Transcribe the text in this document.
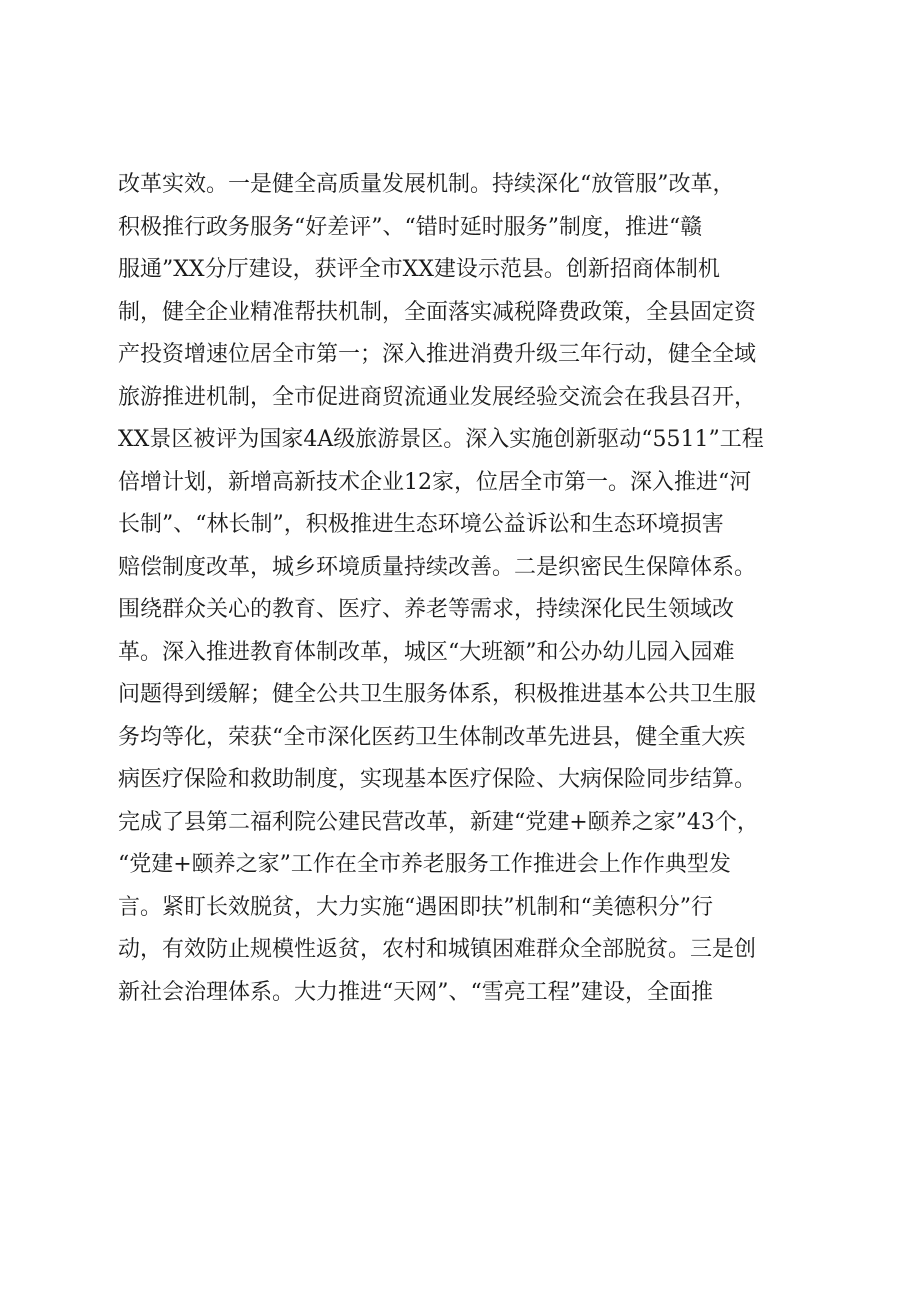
改革实效。一是健全高质量发展机制。持续深化“放管服”改革，
积极推行政务服务“好差评”、“错时延时服务”制度，推进“赣
服通”XX分厅建设，获评全市XX建设示范县。创新招商体制机
制，健全企业精准帮扶机制，全面落实减税降费政策，全县固定资
产投资增速位居全市第一；深入推进消费升级三年行动，健全全域
旅游推进机制，全市促进商贸流通业发展经验交流会在我县召开，
XX景区被评为国家4A级旅游景区。深入实施创新驱动“5511”工程
倍增计划，新增高新技术企业12家，位居全市第一。深入推进“河
长制”、“林长制”，积极推进生态环境公益诉讼和生态环境损害
赔偿制度改革，城乡环境质量持续改善。二是织密民生保障体系。
围绕群众关心的教育、医疗、养老等需求，持续深化民生领域改
革。深入推进教育体制改革，城区“大班额”和公办幼儿园入园难
问题得到缓解；健全公共卫生服务体系，积极推进基本公共卫生服
务均等化，荣获“全市深化医药卫生体制改革先进县，健全重大疾
病医疗保险和救助制度，实现基本医疗保险、大病保险同步结算。
完成了县第二福利院公建民营改革，新建“党建+颐养之家”43个，
“党建+颐养之家”工作在全市养老服务工作推进会上作作典型发
言。紧盯长效脱贫，大力实施“遇困即扶”机制和“美德积分”行
动，有效防止规模性返贫，农村和城镇困难群众全部脱贫。三是创
新社会治理体系。大力推进“天网”、“雪亮工程”建设，全面推
